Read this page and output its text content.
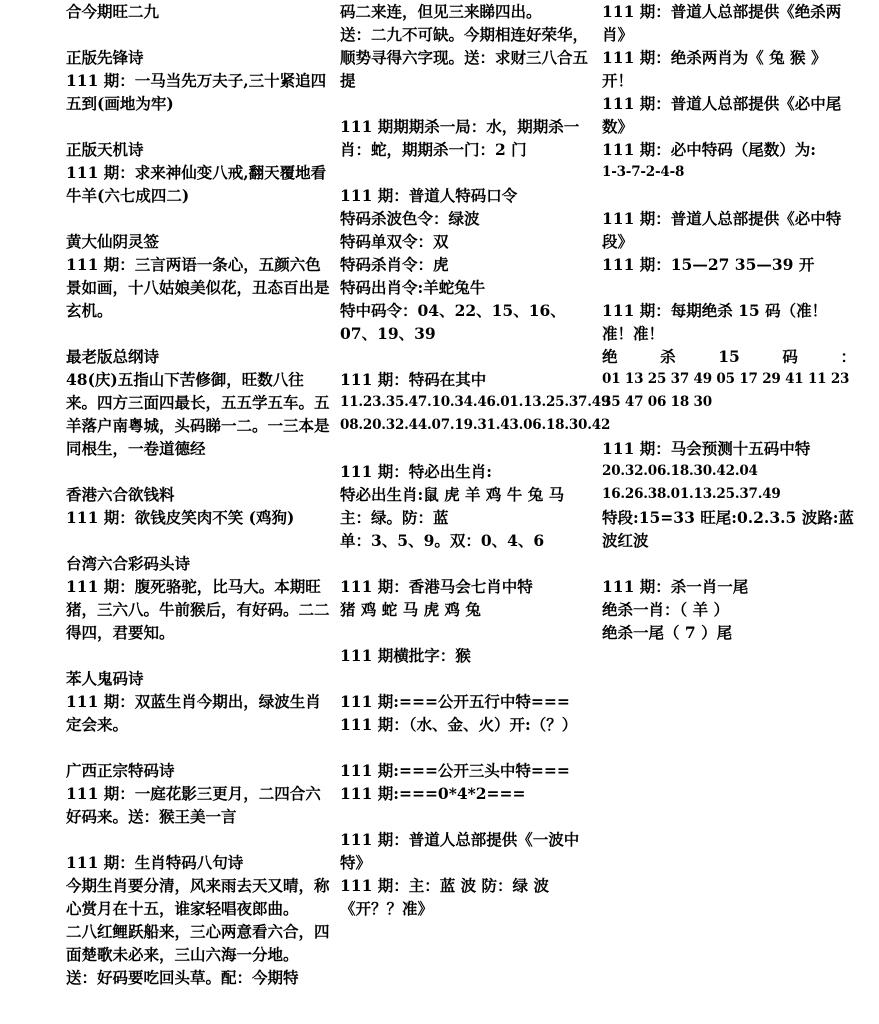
合今期旺二九

正版先锋诗

111 期：一马当先万夫子,三十紧追四五到(画地为牢)

正版天机诗

111 期：求来神仙变八戒,翻天覆地看牛羊(六七成四二)

黄大仙阴灵签

111 期：三言两语一条心，五颜六色景如画，十八姑娘美似花，丑态百出是玄机。

最老版总纲诗

48(庆)五指山下苦修御，旺数八往来。四方三面四最长，五五学五车。五羊落户南粤城，头码睇一二。一三本是同根生，一卷道德经

香港六合欲钱料

111 期：欲钱皮笑肉不笑 (鸡狗)

台湾六合彩码头诗

111 期：腹死骆驼，比马大。本期旺猪，三六八。牛前猴后，有好码。二二得四，君要知。

苯人鬼码诗

111 期：双蓝生肖今期出，绿波生肖定会来。

广西正宗特码诗

111 期：一庭花影三更月，二四合六好码来。送：猴王美一言

111 期：生肖特码八句诗

今期生肖要分清，风来雨去天又晴，称心赏月在十五，谁家轻唱夜郎曲。

二八红鲤跃船来，三心两意看六合，四面楚歌未必来，三山六海一分地。

送：好码要吃回头草。配：今期特

码二来连，但见三来睇四出。

送：二九不可缺。今期相连好荣华，顺势寻得六字现。送：求财三八合五提

111 期期期杀一局：水，期期杀一肖：蛇，期期杀一门：2 门

111 期：普道人特码口令

特码杀波色令：绿波

特码单双令：双

特码杀肖令：虎

特码出肖令:羊蛇兔牛

特中码令：04、22、15、16、07、19、39

111 期：特码在其中

11.23.35.47.10.34.46.01.13.25.37.49

08.20.32.44.07.19.31.43.06.18.30.42

111 期：特必出生肖:

特必出生肖:鼠 虎 羊 鸡 牛 兔 马

主：绿。防：蓝

单：3、5、9。双：0、4、6

111 期：香港马会七肖中特

猪 鸡 蛇 马 虎 鸡 兔

111 期横批字：猴

111 期:===公开五行中特===

111 期：（水、金、火）开:（？）

111 期:===公开三头中特===

111 期:===0*4*2===

111 期：普道人总部提供《一波中特》

111 期：主：蓝 波 防：绿 波《开？？准》

111 期：普道人总部提供《绝杀两肖》

111 期：绝杀两肖为《 兔 猴 》开！

111 期：普道人总部提供《必中尾数》

111 期：必中特码（尾数）为:

1-3-7-2-4-8

111 期：普道人总部提供《必中特段》

111 期：15—27 35—39 开

111 期：每期绝杀 15 码（准！准！准！

绝	杀	15	码	：

01 13 25 37 49 05 17 29 41 11 23 35 47 06 18 30

111 期：马会预测十五码中特

20.32.06.18.30.42.04

16.26.38.01.13.25.37.49

特段:15=33 旺尾:0.2.3.5 波路:蓝波红波

111 期：杀一肖一尾

绝杀一肖：（ 羊 ）

绝杀一尾（ 7 ）尾
